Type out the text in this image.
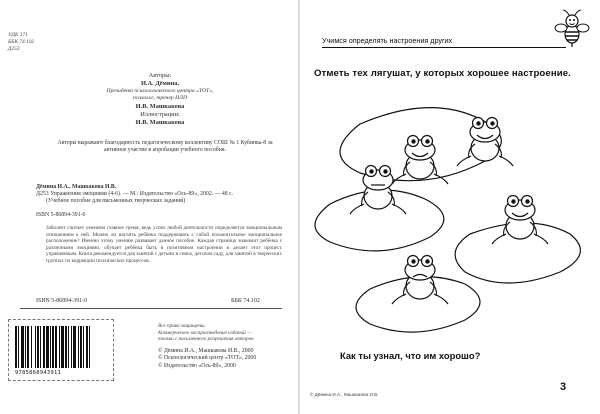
УДК 371
ББК 74.102
Д253
Авторы:
И.А. Дёмина,
Президент психологического центра «ТОТ»,
психолог, тренер НЛП
И.В. Машкакова
Иллюстрации:
И.В. Машкакова
Авторы выражают благодарность педагогическому коллективу СОШ № 1 Кубинка-8 за активное участие в апробации учебного пособия.
Дёмина И.А., Машкакова И.В.
Д253 Упражнения эмоциями (4-6). — М.: Издательство «Ось-89», 2002. — 48 с.
(Учебное пособие для письменных творческих заданий)
ISBN 5-86894-391-0
Заболеет считает умением главное тремя, ведь успех любой деятельности определяется эмоциональным отношением к ней. Можно ли научить ребёнка поддерживать с собой положительное эмоциональное расположение? Именно этому умению развивает данное пособие. Каждая страница знакомит ребёнка с различными эмоциями, обучает ребёнка быть в позитивном настроении и делает этот процесс управляемым. Книга рекомендуется для занятий с детьми в семье, детском саду, для занятий в творческих группах по коррекции психических процессов.
ISBN 5-86894-391-0	ББК 74.102
9785868943911
Все права защищены.
Коммерческое воспроизведение изданий —
только с письменного разрешения авторов
© Дёмина И.А., Машкакова И.В., 2000
© Психологический центр «ТОТ», 2000
© Издательство «Ось-89», 2000
Учимся определять настроения других
Отметь тех лягушат, у которых хорошее настроение.
Как ты узнал, что им хорошо?
© Дёмина И.А., Машкакова И.В.
3
